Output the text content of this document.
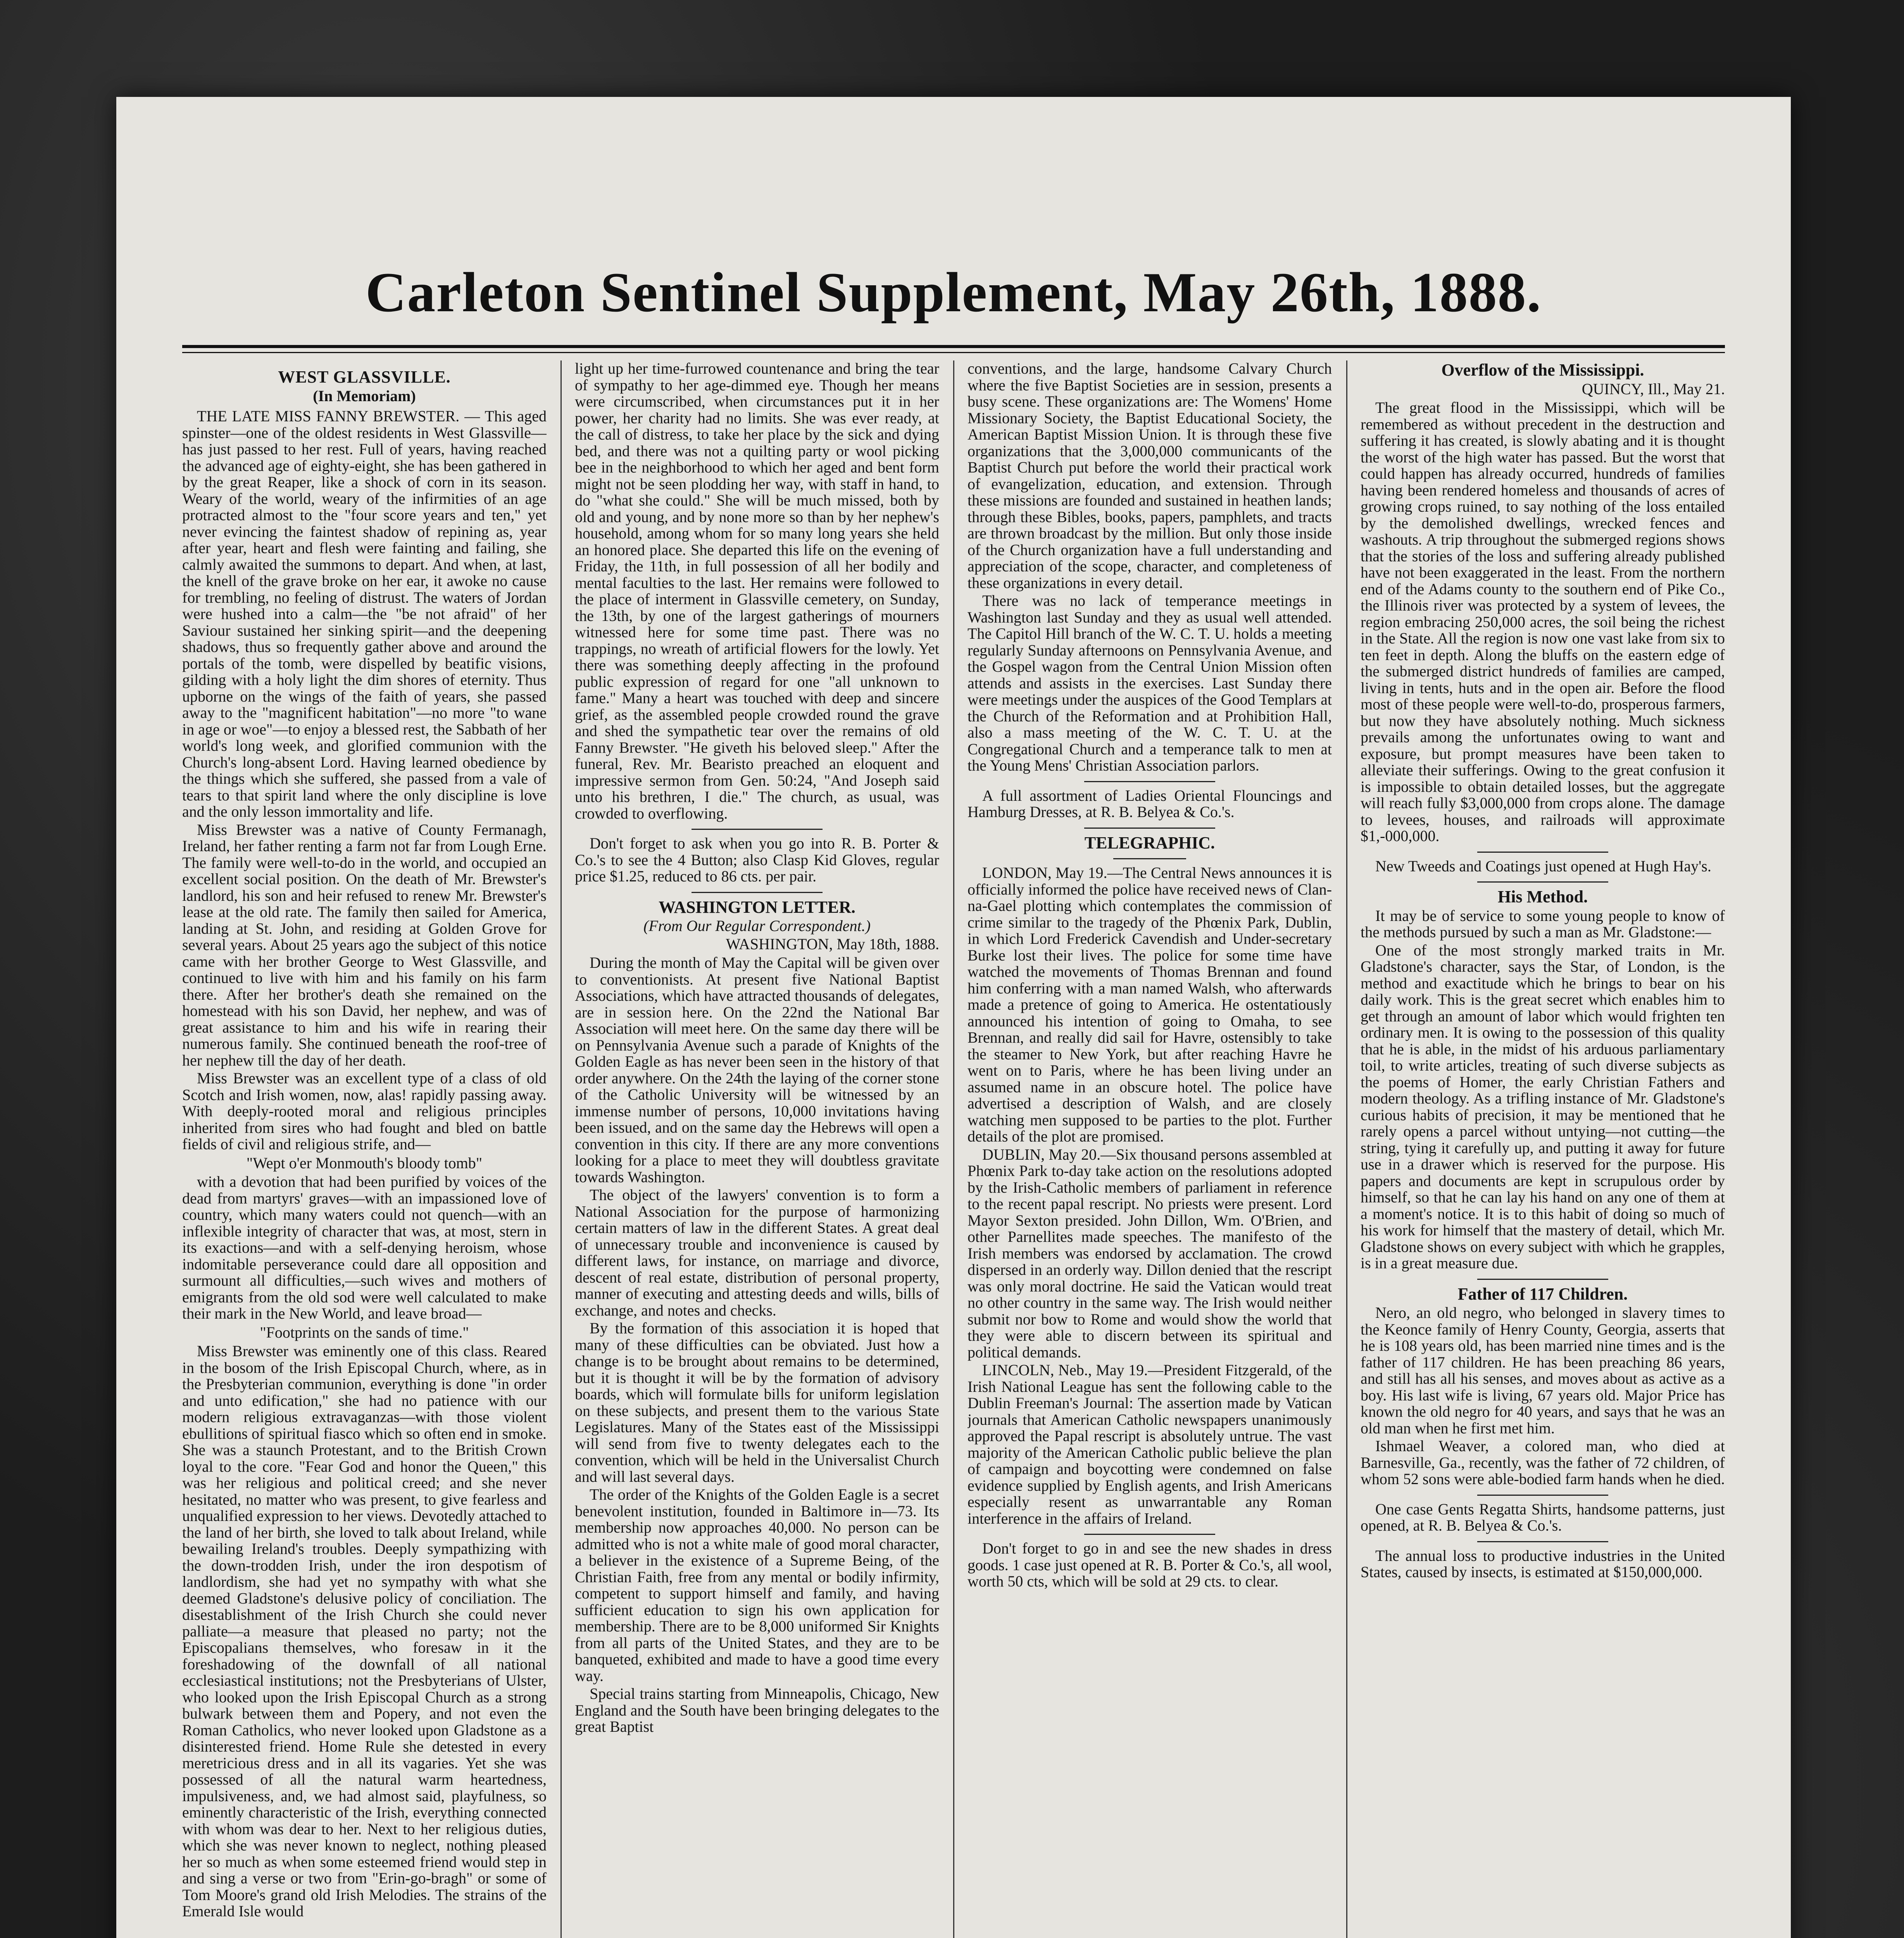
Carleton Sentinel Supplement, May 26th, 1888.
WEST GLASSVILLE.
(In Memoriam)

THE LATE MISS FANNY BREWSTER. — This aged spinster—one of the oldest residents in West Glassville—has just passed to her rest. Full of years, having reached the advanced age of eighty-eight, she has been gathered in by the great Reaper, like a shock of corn in its season. Weary of the world, weary of the infirmities of an age protracted almost to the "four score years and ten," yet never evincing the faintest shadow of repining as, year after year, heart and flesh were fainting and failing, she calmly awaited the summons to depart. And when, at last, the knell of the grave broke on her ear, it awoke no cause for trembling, no feeling of distrust. The waters of Jordan were hushed into a calm—the "be not afraid" of her Saviour sustained her sinking spirit—and the deepening shadows, thus so frequently gather above and around the portals of the tomb, were dispelled by beatific visions, gilding with a holy light the dim shores of eternity. Thus upborne on the wings of the faith of years, she passed away to the "magnificent habitation"—no more "to wane in age or woe"—to enjoy a blessed rest, the Sabbath of her world's long week, and glorified communion with the Church's long-absent Lord. Having learned obedience by the things which she suffered, she passed from a vale of tears to that spirit land where the only discipline is love and the only lesson immortality and life.

Miss Brewster was a native of County Fermanagh, Ireland, her father renting a farm not far from Lough Erne. The family were well-to-do in the world, and occupied an excellent social position. On the death of Mr. Brewster's landlord, his son and heir refused to renew Mr. Brewster's lease at the old rate. The family then sailed for America, landing at St. John, and residing at Golden Grove for several years. About 25 years ago the subject of this notice came with her brother George to West Glassville, and continued to live with him and his family on his farm there. After her brother's death she remained on the homestead with his son David, her nephew, and was of great assistance to him and his wife in rearing their numerous family. She continued beneath the roof-tree of her nephew till the day of her death.

Miss Brewster was an excellent type of a class of old Scotch and Irish women, now, alas! rapidly passing away. With deeply-rooted moral and religious principles inherited from sires who had fought and bled on battle fields of civil and religious strife, and—

"Wept o'er Monmouth's bloody tomb"

with a devotion that had been purified by voices of the dead from martyrs' graves—with an impassioned love of country, which many waters could not quench—with an inflexible integrity of character that was, at most, stern in its exactions—and with a self-denying heroism, whose indomitable perseverance could dare all opposition and surmount all difficulties,—such wives and mothers of emigrants from the old sod were well calculated to make their mark in the New World, and leave broad—

"Footprints on the sands of time."

Miss Brewster was eminently one of this class. Reared in the bosom of the Irish Episcopal Church, where, as in the Presbyterian communion, everything is done "in order and unto edification," she had no patience with our modern religious extravaganzas—with those violent ebullitions of spiritual fiasco which so often end in smoke. She was a staunch Protestant, and to the British Crown loyal to the core. "Fear God and honor the Queen," this was her religious and political creed; and she never hesitated, no matter who was present, to give fearless and unqualified expression to her views. Devotedly attached to the land of her birth, she loved to talk about Ireland, while bewailing Ireland's troubles. Deeply sympathizing with the down-trodden Irish, under the iron despotism of landlordism, she had yet no sympathy with what she deemed Gladstone's delusive policy of conciliation. The disestablishment of the Irish Church she could never palliate—a measure that pleased no party; not the Episcopalians themselves, who foresaw in it the foreshadowing of the downfall of all national ecclesiastical institutions; not the Presbyterians of Ulster, who looked upon the Irish Episcopal Church as a strong bulwark between them and Popery, and not even the Roman Catholics, who never looked upon Gladstone as a disinterested friend. Home Rule she detested in every meretricious dress and in all its vagaries. Yet she was possessed of all the natural warm heartedness, impulsiveness, and, we had almost said, playfulness, so eminently characteristic of the Irish, everything connected with whom was dear to her. Next to her religious duties, which she was never known to neglect, nothing pleased her so much as when some esteemed friend would step in and sing a verse or two from "Erin-go-bragh" or some of Tom Moore's grand old Irish Melodies. The strains of the Emerald Isle would

light up her time-furrowed countenance and bring the tear of sympathy to her age-dimmed eye. Though her means were circumscribed, when circumstances put it in her power, her charity had no limits. She was ever ready, at the call of distress, to take her place by the sick and dying bed, and there was not a quilting party or wool picking bee in the neighborhood to which her aged and bent form might not be seen plodding her way, with staff in hand, to do "what she could." She will be much missed, both by old and young, and by none more so than by her nephew's household, among whom for so many long years she held an honored place. She departed this life on the evening of Friday, the 11th, in full possession of all her bodily and mental faculties to the last. Her remains were followed to the place of interment in Glassville cemetery, on Sunday, the 13th, by one of the largest gatherings of mourners witnessed here for some time past. There was no trappings, no wreath of artificial flowers for the lowly. Yet there was something deeply affecting in the profound public expression of regard for one "all unknown to fame." Many a heart was touched with deep and sincere grief, as the assembled people crowded round the grave and shed the sympathetic tear over the remains of old Fanny Brewster. "He giveth his beloved sleep." After the funeral, Rev. Mr. Bearisto preached an eloquent and impressive sermon from Gen. 50:24, "And Joseph said unto his brethren, I die." The church, as usual, was crowded to overflowing.

Don't forget to ask when you go into R. B. Porter & Co.'s to see the 4 Button; also Clasp Kid Gloves, regular price $1.25, reduced to 86 cts. per pair.

WASHINGTON LETTER.

(From Our Regular Correspondent.)

WASHINGTON, May 18th, 1888.

During the month of May the Capital will be given over to conventionists. At present five National Baptist Associations, which have attracted thousands of delegates, are in session here. On the 22nd the National Bar Association will meet here. On the same day there will be on Pennsylvania Avenue such a parade of Knights of the Golden Eagle as has never been seen in the history of that order anywhere. On the 24th the laying of the corner stone of the Catholic University will be witnessed by an immense number of persons, 10,000 invitations having been issued, and on the same day the Hebrews will open a convention in this city. If there are any more conventions looking for a place to meet they will doubtless gravitate towards Washington.

The object of the lawyers' convention is to form a National Association for the purpose of harmonizing certain matters of law in the different States. A great deal of unnecessary trouble and inconvenience is caused by different laws, for instance, on marriage and divorce, descent of real estate, distribution of personal property, manner of executing and attesting deeds and wills, bills of exchange, and notes and checks.

By the formation of this association it is hoped that many of these difficulties can be obviated. Just how a change is to be brought about remains to be determined, but it is thought it will be by the formation of advisory boards, which will formulate bills for uniform legislation on these subjects, and present them to the various State Legislatures. Many of the States east of the Mississippi will send from five to twenty delegates each to the convention, which will be held in the Universalist Church and will last several days.

The order of the Knights of the Golden Eagle is a secret benevolent institution, founded in Baltimore in—73. Its membership now approaches 40,000. No person can be admitted who is not a white male of good moral character, a believer in the existence of a Supreme Being, of the Christian Faith, free from any mental or bodily infirmity, competent to support himself and family, and having sufficient education to sign his own application for membership. There are to be 8,000 uniformed Sir Knights from all parts of the United States, and they are to be banqueted, exhibited and made to have a good time every way.

Special trains starting from Minneapolis, Chicago, New England and the South have been bringing delegates to the great Baptist

conventions, and the large, handsome Calvary Church where the five Baptist Societies are in session, presents a busy scene. These organizations are: The Womens' Home Missionary Society, the Baptist Educational Society, the American Baptist Mission Union. It is through these five organizations that the 3,000,000 communicants of the Baptist Church put before the world their practical work of evangelization, education, and extension. Through these missions are founded and sustained in heathen lands; through these Bibles, books, papers, pamphlets, and tracts are thrown broadcast by the million. But only those inside of the Church organization have a full understanding and appreciation of the scope, character, and completeness of these organizations in every detail.

There was no lack of temperance meetings in Washington last Sunday and they as usual well attended. The Capitol Hill branch of the W. C. T. U. holds a meeting regularly Sunday afternoons on Pennsylvania Avenue, and the Gospel wagon from the Central Union Mission often attends and assists in the exercises. Last Sunday there were meetings under the auspices of the Good Templars at the Church of the Reformation and at Prohibition Hall, also a mass meeting of the W. C. T. U. at the Congregational Church and a temperance talk to men at the Young Mens' Christian Association parlors.

A full assortment of Ladies Oriental Flouncings and Hamburg Dresses, at R. B. Belyea & Co.'s.

TELEGRAPHIC.

LONDON, May 19.—The Central News announces it is officially informed the police have received news of Clan-na-Gael plotting which contemplates the commission of crime similar to the tragedy of the Phœnix Park, Dublin, in which Lord Frederick Cavendish and Under-secretary Burke lost their lives. The police for some time have watched the movements of Thomas Brennan and found him conferring with a man named Walsh, who afterwards made a pretence of going to America. He ostentatiously announced his intention of going to Omaha, to see Brennan, and really did sail for Havre, ostensibly to take the steamer to New York, but after reaching Havre he went on to Paris, where he has been living under an assumed name in an obscure hotel. The police have advertised a description of Walsh, and are closely watching men supposed to be parties to the plot. Further details of the plot are promised.

DUBLIN, May 20.—Six thousand persons assembled at Phœnix Park to-day take action on the resolutions adopted by the Irish-Catholic members of parliament in reference to the recent papal rescript. No priests were present. Lord Mayor Sexton presided. John Dillon, Wm. O'Brien, and other Parnellites made speeches. The manifesto of the Irish members was endorsed by acclamation. The crowd dispersed in an orderly way. Dillon denied that the rescript was only moral doctrine. He said the Vatican would treat no other country in the same way. The Irish would neither submit nor bow to Rome and would show the world that they were able to discern between its spiritual and political demands.

LINCOLN, Neb., May 19.—President Fitzgerald, of the Irish National League has sent the following cable to the Dublin Freeman's Journal: The assertion made by Vatican journals that American Catholic newspapers unanimously approved the Papal rescript is absolutely untrue. The vast majority of the American Catholic public believe the plan of campaign and boycotting were condemned on false evidence supplied by English agents, and Irish Americans especially resent as unwarrantable any Roman interference in the affairs of Ireland.

Don't forget to go in and see the new shades in dress goods. 1 case just opened at R. B. Porter & Co.'s, all wool, worth 50 cts, which will be sold at 29 cts. to clear.

Overflow of the Mississippi.

QUINCY, Ill., May 21.

The great flood in the Mississippi, which will be remembered as without precedent in the destruction and suffering it has created, is slowly abating and it is thought the worst of the high water has passed. But the worst that could happen has already occurred, hundreds of families having been rendered homeless and thousands of acres of growing crops ruined, to say nothing of the loss entailed by the demolished dwellings, wrecked fences and washouts. A trip throughout the submerged regions shows that the stories of the loss and suffering already published have not been exaggerated in the least. From the northern end of the Adams county to the southern end of Pike Co., the Illinois river was protected by a system of levees, the region embracing 250,000 acres, the soil being the richest in the State. All the region is now one vast lake from six to ten feet in depth. Along the bluffs on the eastern edge of the submerged district hundreds of families are camped, living in tents, huts and in the open air. Before the flood most of these people were well-to-do, prosperous farmers, but now they have absolutely nothing. Much sickness prevails among the unfortunates owing to want and exposure, but prompt measures have been taken to alleviate their sufferings. Owing to the great confusion it is impossible to obtain detailed losses, but the aggregate will reach fully $3,000,000 from crops alone. The damage to levees, houses, and railroads will approximate $1,-000,000.

New Tweeds and Coatings just opened at Hugh Hay's.

His Method.

It may be of service to some young people to know of the methods pursued by such a man as Mr. Gladstone:—

One of the most strongly marked traits in Mr. Gladstone's character, says the Star, of London, is the method and exactitude which he brings to bear on his daily work. This is the great secret which enables him to get through an amount of labor which would frighten ten ordinary men. It is owing to the possession of this quality that he is able, in the midst of his arduous parliamentary toil, to write articles, treating of such diverse subjects as the poems of Homer, the early Christian Fathers and modern theology. As a trifling instance of Mr. Gladstone's curious habits of precision, it may be mentioned that he rarely opens a parcel without untying—not cutting—the string, tying it carefully up, and putting it away for future use in a drawer which is reserved for the purpose. His papers and documents are kept in scrupulous order by himself, so that he can lay his hand on any one of them at a moment's notice. It is to this habit of doing so much of his work for himself that the mastery of detail, which Mr. Gladstone shows on every subject with which he grapples, is in a great measure due.

Father of 117 Children.

Nero, an old negro, who belonged in slavery times to the Keonce family of Henry County, Georgia, asserts that he is 108 years old, has been married nine times and is the father of 117 children. He has been preaching 86 years, and still has all his senses, and moves about as active as a boy. His last wife is living, 67 years old. Major Price has known the old negro for 40 years, and says that he was an old man when he first met him.

Ishmael Weaver, a colored man, who died at Barnesville, Ga., recently, was the father of 72 children, of whom 52 sons were able-bodied farm hands when he died.

One case Gents Regatta Shirts, handsome patterns, just opened, at R. B. Belyea & Co.'s.

The annual loss to productive industries in the United States, caused by insects, is estimated at $150,000,000.
